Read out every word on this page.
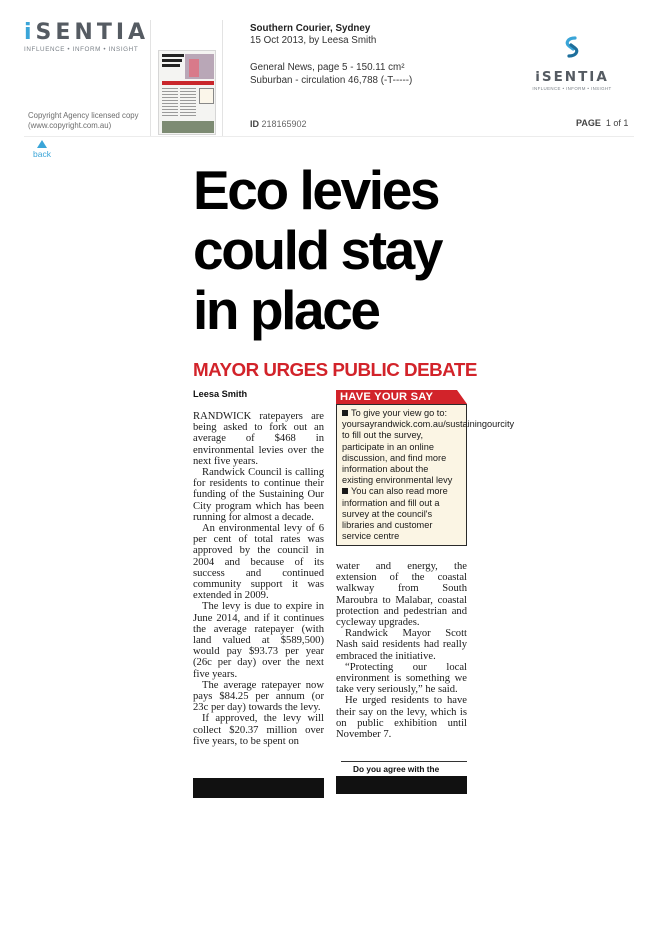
iSENTIA
INFLUENCE • INFORM • INSIGHT
Copyright Agency licensed copy
(www.copyright.com.au)
Southern Courier, Sydney
15 Oct 2013, by Leesa Smith
General News, page 5 - 150.11 cm²
Suburban - circulation 46,788 (-T-----)
ID 218165902
iSENTIA
INFLUENCE • INFORM • INSIGHT
PAGE 1 of 1
back
Eco levies
could stay
in place
MAYOR URGES PUBLIC DEBATE
Leesa Smith

RANDWICK ratepayers are being asked to fork out an average of $468 in environmental levies over the next five years.

Randwick Council is calling for residents to continue their funding of the Sustaining Our City program which has been running for almost a decade.

An environmental levy of 6 per cent of total rates was approved by the council in 2004 and because of its success and continued community support it was extended in 2009.

The levy is due to expire in June 2014, and if it continues the average ratepayer (with land valued at $589,500) would pay $93.73 per year (26c per day) over the next five years.

The average ratepayer now pays $84.25 per annum (or 23c per day) towards the levy.

If approved, the levy will collect $20.37 million over five years, to be spent on

HAVE YOUR SAY

To give your view go to: yoursayrandwick.com.au/sustainingourcity to fill out the survey, participate in an online discussion, and find more information about the existing environmental levy

You can also read more information and fill out a survey at the council's libraries and customer service centre

water and energy, the extension of the coastal walkway from South Maroubra to Malabar, coastal protection and pedestrian and cycleway upgrades.

Randwick Mayor Scott Nash said residents had really embraced the initiative.

“Protecting our local environment is something we take very seriously,” he said.

He urged residents to have their say on the levy, which is on public exhibition until November 7.

Do you agree with the
